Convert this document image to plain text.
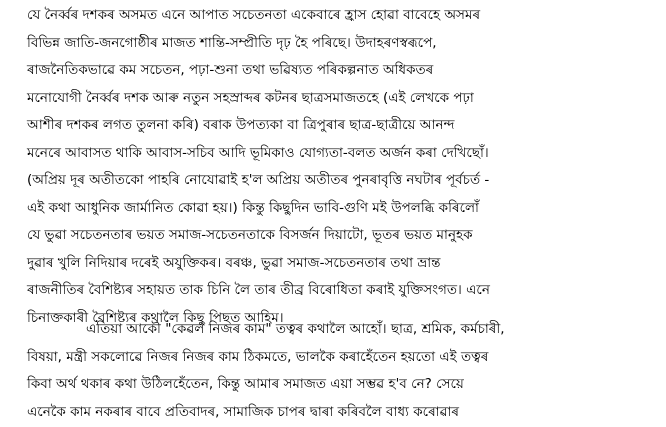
যে নৈৰ্ব্বৰ দশকৰ অসমত এনে আপাত সচেতনতা একেবাৰে হ্ৰাস হোৱা বাবেহে অসমৰ
বিভিন্ন জাতি-জনগোষ্ঠীৰ মাজত শান্তি-সম্প্ৰীতি দৃঢ় হৈ পৰিছে। উদাহৰণস্বৰূপে,
ৰাজনৈতিকভাৱে কম সচেতন, পঢ়া-শুনা তথা ভৱিষ্যত পৰিকল্পনাত অধিকতৰ
মনোযোগী নৈৰ্ব্বৰ দশক আৰু নতুন সহস্ৰাব্দৰ কটনৰ ছাত্ৰসমাজতহে (এই লেখকে পঢ়া
আশীৰ দশকৰ লগত তুলনা কৰি) বৰাক উপত্যকা বা ত্ৰিপুৰাৰ ছাত্ৰ-ছাত্ৰীয়ে আনন্দ
মনেৰে আবাসত থাকি আবাস-সচিব আদি ভূমিকাও যোগ্যতা-বলত অৰ্জন কৰা দেখিছোঁ।
(অপ্ৰিয় দূৰ অতীতকো পাহৰি নোযোৱাই হ'ল অপ্ৰিয় অতীতৰ পুনৰাবৃত্তি নঘটাৰ পূৰ্বচৰ্ত -
এই কথা আধুনিক জাৰ্মানিত কোৱা হয়।) কিন্তু কিছুদিন ভাবি-গুণি মই উপলব্ধি কৰিলোঁ
যে ভুৱা সচেতনতাৰ ভয়ত সমাজ-সচেতনতাকে বিসৰ্জন দিয়াটো, ভূতৰ ভয়ত মানুহক
দুৱাৰ খুলি নিদিয়াৰ দৰেই অযুক্তিকৰ। বৰঞ্চ, ভুৱা সমাজ-সচেতনতাৰ তথা ভ্ৰান্ত
ৰাজনীতিৰ বৈশিষ্ট্যৰ সহায়ত তাক চিনি লৈ তাৰ তীব্ৰ বিৰোধিতা কৰাই যুক্তিসংগত। এনে
চিনাক্তকাৰী বৈশিষ্ট্যৰ কথালৈ কিছু পিছত আহিম।
এতিয়া আকৌ "কেৱল নিজৰ কাম" তত্বৰ কথালৈ আহোঁ। ছাত্ৰ, শ্ৰমিক, কৰ্মচাৰী,
বিষয়া, মন্ত্ৰী সকলোৱে নিজৰ নিজৰ কাম ঠিকমতে, ভালকৈ কৰাহেঁতেন হয়তো এই তত্বৰ
কিবা অৰ্থ থকাৰ কথা উঠিলহেঁতেন, কিন্তু আমাৰ সমাজত এয়া সম্ভৱ হ'ব নে? সেয়ে
এনেকৈ কাম নকৰাৰ বাবে প্ৰতিবাদৰ, সামাজিক চাপৰ দ্বাৰা কৰিবলৈ বাধ্য কৰোৱাৰ
